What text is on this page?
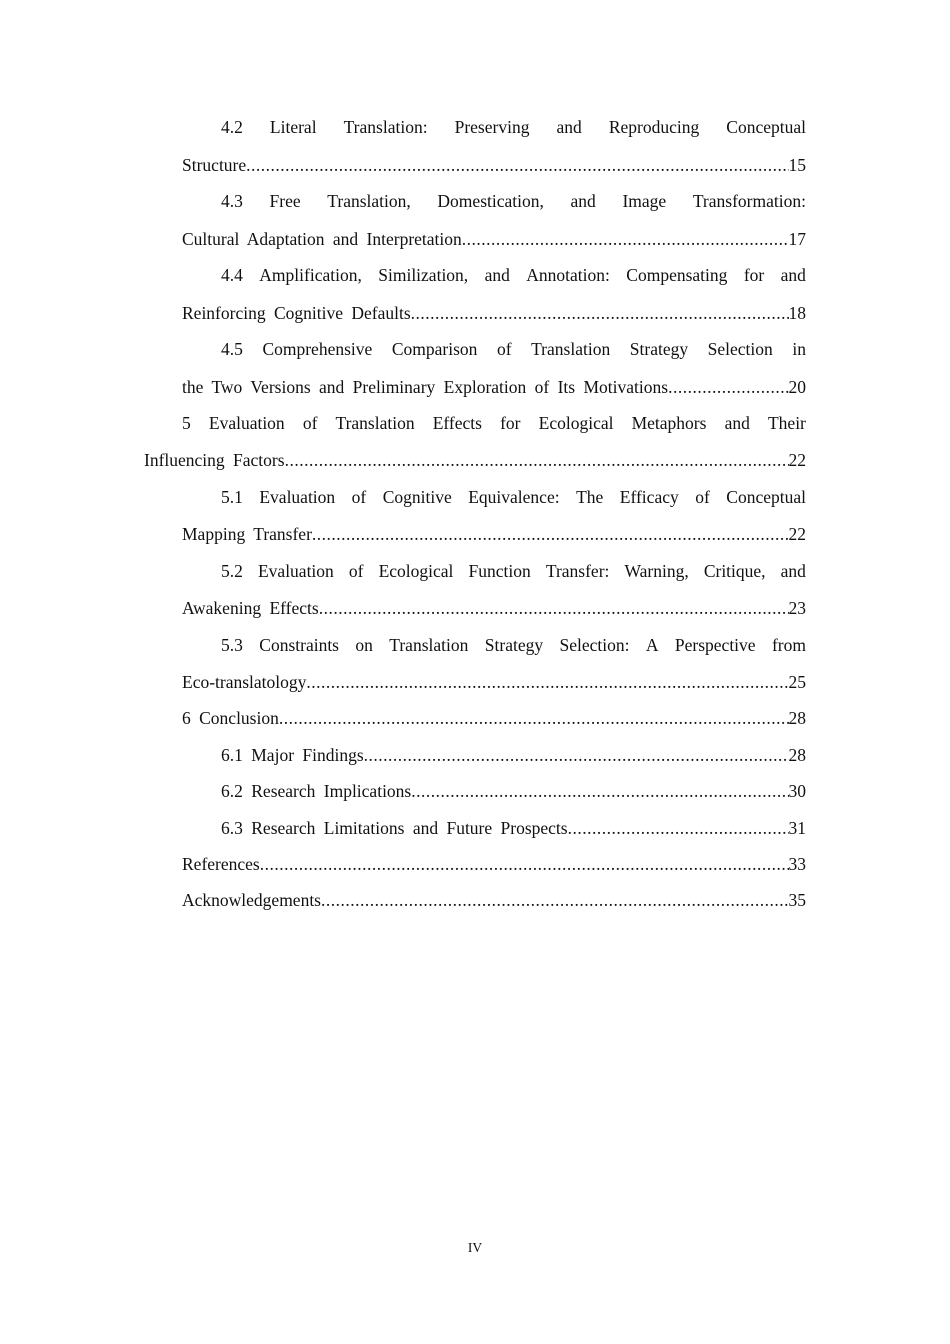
4.2 Literal Translation: Preserving and Reproducing Conceptual
Structure .....	15
4.3 Free Translation, Domestication, and Image Transformation:
Cultural Adaptation and Interpretation .....	17
4.4 Amplification, Similization, and Annotation: Compensating for and
Reinforcing Cognitive Defaults .....	18
4.5 Comprehensive Comparison of Translation Strategy Selection in
the Two Versions and Preliminary Exploration of Its Motivations .....	20
5 Evaluation of Translation Effects for Ecological Metaphors and Their
Influencing Factors .....	22
5.1 Evaluation of Cognitive Equivalence: The Efficacy of Conceptual
Mapping Transfer .....	22
5.2 Evaluation of Ecological Function Transfer: Warning, Critique, and
Awakening Effects .....	23
5.3 Constraints on Translation Strategy Selection: A Perspective from
Eco-translatology .....	25
6 Conclusion .....	28
6.1 Major Findings .....	28
6.2 Research Implications .....	30
6.3 Research Limitations and Future Prospects .....	31
References .....	33
Acknowledgements .....	35
IV
